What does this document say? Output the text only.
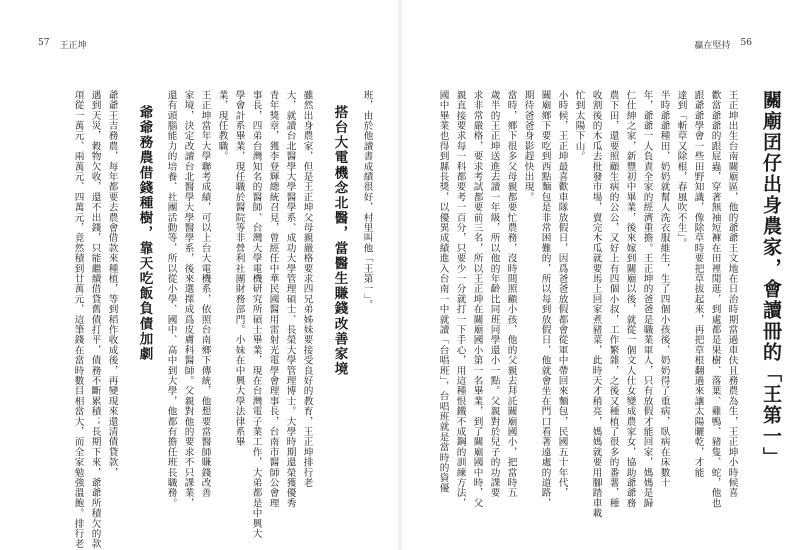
57 王正坤
班，由於他讀書成績很好，村里叫他「王第一」。
搭台大電機念北醫，當醫生賺錢改善家境
雖然出身農家，但是王正坤父母親嚴格要求四兄弟姊妹要接受良好的教育，王正坤排行老
大，就讀台北醫學大學醫學系、成功大學管理碩士、長榮大學管理博士。大學時期還榮獲優秀
青年獎章，獲李登輝總統召見，曾經任中華民國醫用雷射光電學會理事長，台南市醫師公會理
事長，四弟台灣知名的醫師、台灣大學電機研究所碩士畢業，現在台灣電子業工作，大弟都是中興大
學會計系畢業，現任職於醫院等非營利社團財務部門。小妹在中興大學法律系畢
業，現任教職。
王正坤當年大學聯考成績，可以上台大電機系，依照台南鄉下傳統，他想要當醫師賺錢改善
家境，決定改讀台北醫學大學醫學系，後來選擇成爲皮膚科醫師。父親對他的要求不只課業，
還有頭腦能力的培養、社團活動等，所以從小學、國中、高中到大學，他都有擔任班長職務。
爺爺務農借錢種樹，靠天吃飯負債加劇
爺爺王吉務農，每年都要去農會借款來種植，等到稻作收成後，再變現來還清債貸款，
遇到天災，穀物欠收，還不出錢，只能繼續借貸舊債打平，債務不斷累積；長期下來，爺爺所積欠的款
項從一萬元、兩萬元、四萬元，竟然積到廿萬元，這筆錢在當時數目相當大，而全家勉強溫飽。排行老
贏在堅持 56
關廟囝仔出身農家，會讀冊的「王第一」
王正坤出生台南關廟區，他的爺爺王文地在日治時期當過車伕且務農為生，王正坤小時候喜
歡當爺爺的跟屁蟲，穿著無袖短褲在田裡閒逛，到處都是果樹、落葉、雞鴨、豬隻、蛇，他也
跟爺爺學會一些田野知識，像除草時要把草拔起來，再把草根翻過來讓太陽曬乾，才能
達到「斬草又除根，春風吹不生」。
半時爺爺種田，奶奶就幫人洗衣服維生，生了四個小孩後，奶奶得了重病，臥病在床數十
年，爺爺一人負責全家的經濟重擔。王正坤的爸爸是職業軍人，只有放假才能回家，媽媽是歸
仁仕紳之家，新豐初中畢業，後來嫁到關廟以後，就從一個文人仕女變成農家女，協助爺爺務
農下田，還要照顧生病的公公，又好上有四個小叔，工作繁雜，之後又種植了很多的番薯，種
收割後的木瓜去批發市場，賣完木瓜就要馬上回家煮豬菜，此時天才稍亮，媽媽就要用腳踏車載
忙到太陽下山。
小時候，王正坤最喜歡車隊放假日，因爲爸爸放假都會從軍中帶回來麵包，民國五十年代，
關廟鄉下要吃到西點麵包是非常困難的，所以每到放假日，他就會坐在門口看著遠處的道路，
期待爸爸身影趕快出現。
當時，鄉下很多父母親都要忙農務，沒時間照顧小孩，他的父親去拜託關廟國小，把當時五
歲半的王正坤送進去讀一年級，所以他的年齡比同班同學還小一點。父親對於兒子的功課要
求非常嚴格，要求考試都要前三名，所以王正坤在關廟國小第一名畢業，到了關廟國中時，父
親直接要求每一科都要考一百分，只要少一分就打一下手心，用這種恨鐵不成鋼的訓練方法，
國中畢業也得到縣長獎，以優異成績進入台南一中就讀「台唱班」，台唱班就是當時的資優
